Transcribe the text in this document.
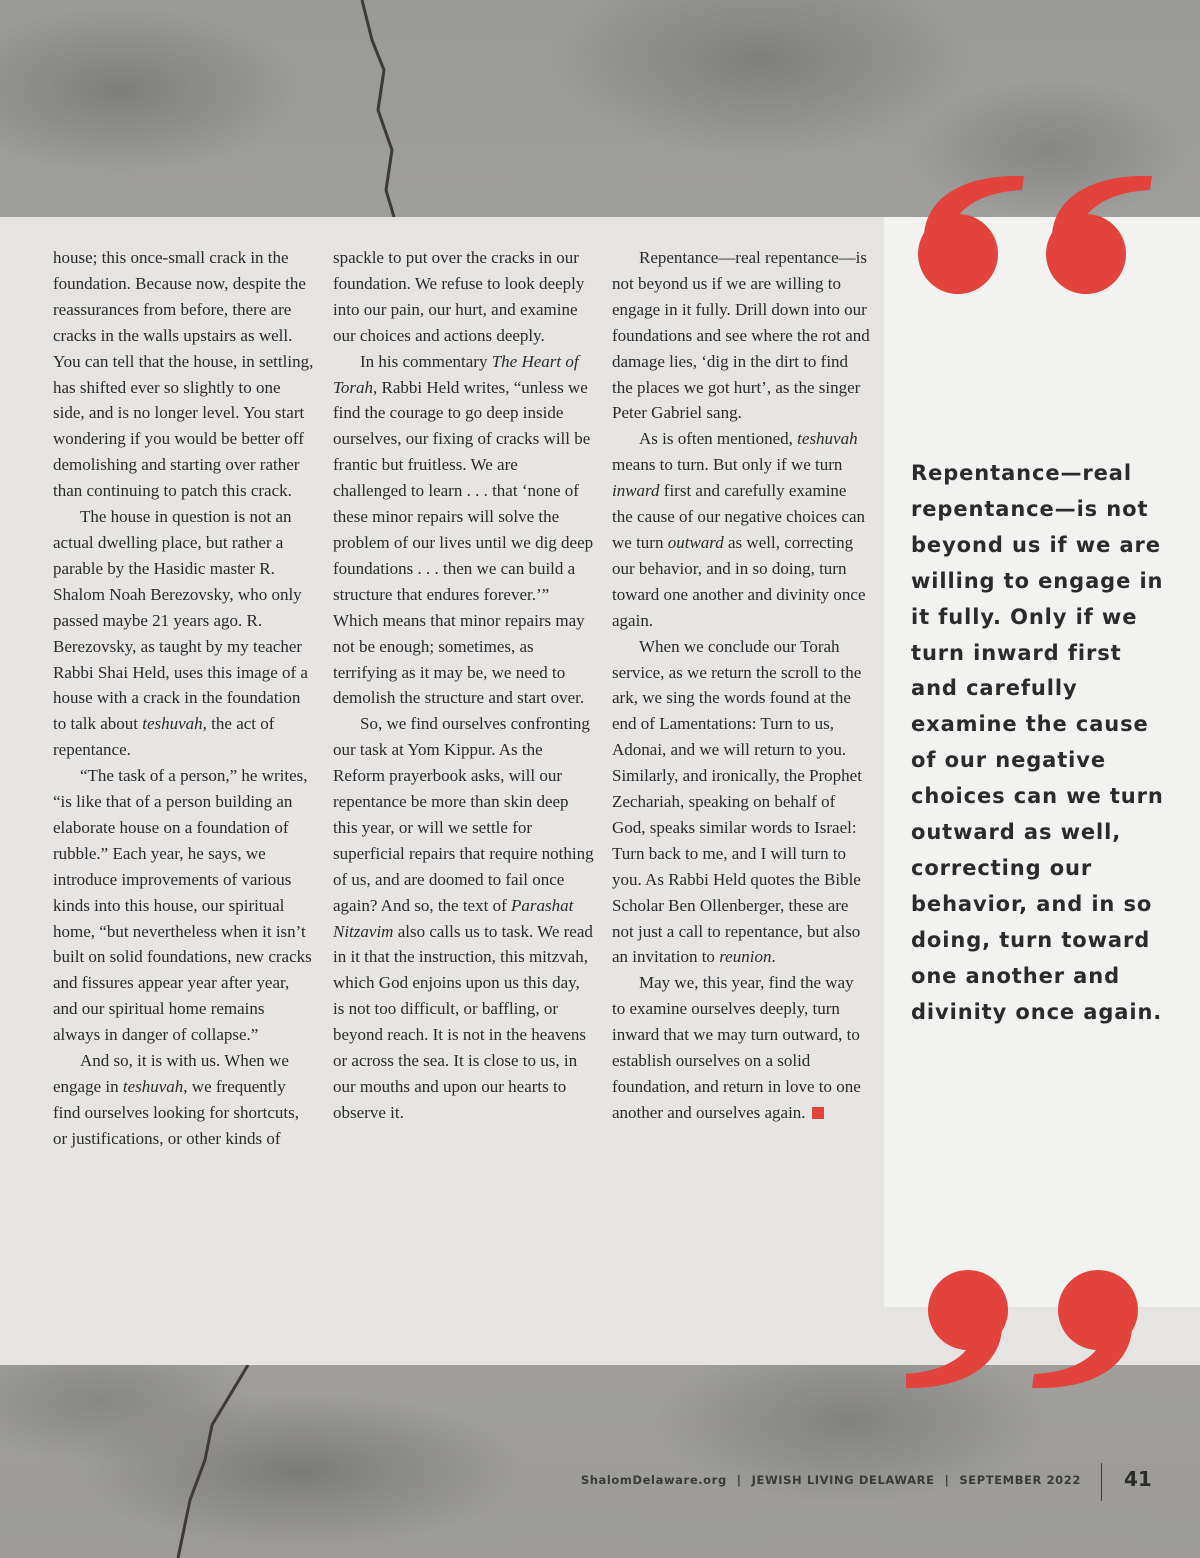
house; this once-small crack in the foundation. Because now, despite the reassurances from before, there are cracks in the walls upstairs as well. You can tell that the house, in settling, has shifted ever so slightly to one side, and is no longer level. You start wondering if you would be better off demolishing and starting over rather than continuing to patch this crack.

The house in question is not an actual dwelling place, but rather a parable by the Hasidic master R. Shalom Noah Berezovsky, who only passed maybe 21 years ago. R. Berezovsky, as taught by my teacher Rabbi Shai Held, uses this image of a house with a crack in the foundation to talk about teshuvah, the act of repentance.

“The task of a person,” he writes, “is like that of a person building an elaborate house on a foundation of rubble.” Each year, he says, we introduce improvements of various kinds into this house, our spiritual home, “but nevertheless when it isn’t built on solid foundations, new cracks and fissures appear year after year, and our spiritual home remains always in danger of collapse.”

And so, it is with us. When we engage in teshuvah, we frequently find ourselves looking for shortcuts, or justifications, or other kinds of

spackle to put over the cracks in our foundation. We refuse to look deeply into our pain, our hurt, and examine our choices and actions deeply.

In his commentary The Heart of Torah, Rabbi Held writes, “unless we find the courage to go deep inside ourselves, our fixing of cracks will be frantic but fruitless. We are challenged to learn . . . that ‘none of these minor repairs will solve the problem of our lives until we dig deep foundations . . . then we can build a structure that endures forever.’” Which means that minor repairs may not be enough; sometimes, as terrifying as it may be, we need to demolish the structure and start over.

So, we find ourselves confronting our task at Yom Kippur. As the Reform prayerbook asks, will our repentance be more than skin deep this year, or will we settle for superficial repairs that require nothing of us, and are doomed to fail once again? And so, the text of Parashat Nitzavim also calls us to task. We read in it that the instruction, this mitzvah, which God enjoins upon us this day, is not too difficult, or baffling, or beyond reach. It is not in the heavens or across the sea. It is close to us, in our mouths and upon our hearts to observe it.

Repentance—real repentance—is not beyond us if we are willing to engage in it fully. Drill down into our foundations and see where the rot and damage lies, ‘dig in the dirt to find the places we got hurt’, as the singer Peter Gabriel sang.

As is often mentioned, teshuvah means to turn. But only if we turn inward first and carefully examine the cause of our negative choices can we turn outward as well, correcting our behavior, and in so doing, turn toward one another and divinity once again.

When we conclude our Torah service, as we return the scroll to the ark, we sing the words found at the end of Lamentations: Turn to us, Adonai, and we will return to you. Similarly, and ironically, the Prophet Zechariah, speaking on behalf of God, speaks similar words to Israel: Turn back to me, and I will turn to you. As Rabbi Held quotes the Bible Scholar Ben Ollenberger, these are not just a call to repentance, but also an invitation to reunion.

May we, this year, find the way to examine ourselves deeply, turn inward that we may turn outward, to establish ourselves on a solid foundation, and return in love to one another and ourselves again.

Repentance—real repentance—is not beyond us if we are willing to engage in it fully. Only if we turn inward first and carefully examine the cause of our negative choices can we turn outward as well, correcting our behavior, and in so doing, turn toward one another and divinity once again.
ShalomDelaware.org | JEWISH LIVING DELAWARE | SEPTEMBER 2022 41
